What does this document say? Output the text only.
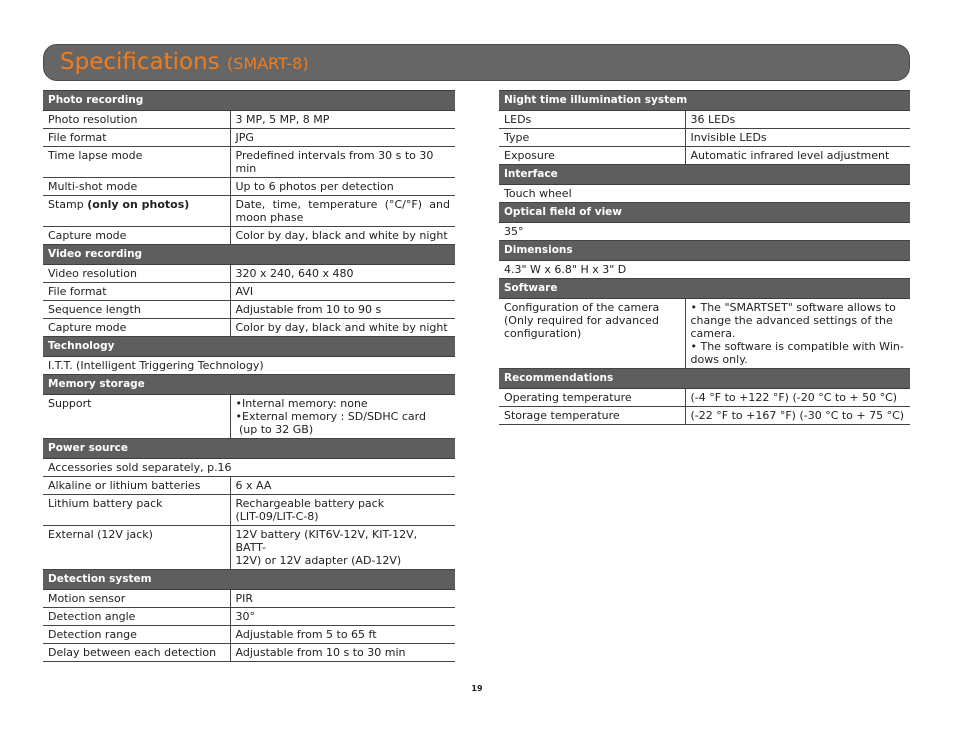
Specifications (SMART-8)
Photo recording	
Photo resolution	3 MP, 5 MP, 8 MP
File format	JPG
Time lapse mode	Predefined intervals from 30 s to 30 min
Multi-shot mode	Up to 6 photos per detection
Stamp (only on photos)	Date, time, temperature (°C/°F) and moon phase
Capture mode	Color by day, black and white by night
Video recording	
Video resolution	320 x 240, 640 x 480
File format	AVI
Sequence length	Adjustable from 10 to 90 s
Capture mode	Color by day, black and white by night
Technology	
I.T.T. (Intelligent Triggering Technology)	
Memory storage	
Support	•Internal memory: none
•External memory : SD/SDHC card
(up to 32 GB)

Power source	
Accessories sold separately, p.16	
Alkaline or lithium batteries	6 x AA
Lithium battery pack	Rechargeable battery pack
(LIT-09/LIT-C-8)

External (12V jack)	12V battery (KIT6V-12V, KIT-12V, BATT-
12V) or 12V adapter (AD-12V)

Detection system	
Motion sensor	PIR
Detection angle	30°
Detection range	Adjustable from 5 to 65 ft
Delay between each detection	Adjustable from 10 s to 30 min
Night time illumination system	
LEDs	36 LEDs
Type	Invisible LEDs
Exposure	Automatic infrared level adjustment
Interface	
Touch wheel	
Optical field of view	
35°	
Dimensions	
4.3" W x 6.8" H x 3" D	
Software	

Configuration of the camera
(Only required for advanced
configuration)	• The "SMARTSET" software allows to
change the advanced settings of the
camera.
• The software is compatible with Win-
dows only.

Recommendations	
Operating temperature	(-4 °F to +122 °F) (-20 °C to + 50 °C)
Storage temperature	(-22 °F to +167 °F) (-30 °C to + 75 °C)
19
